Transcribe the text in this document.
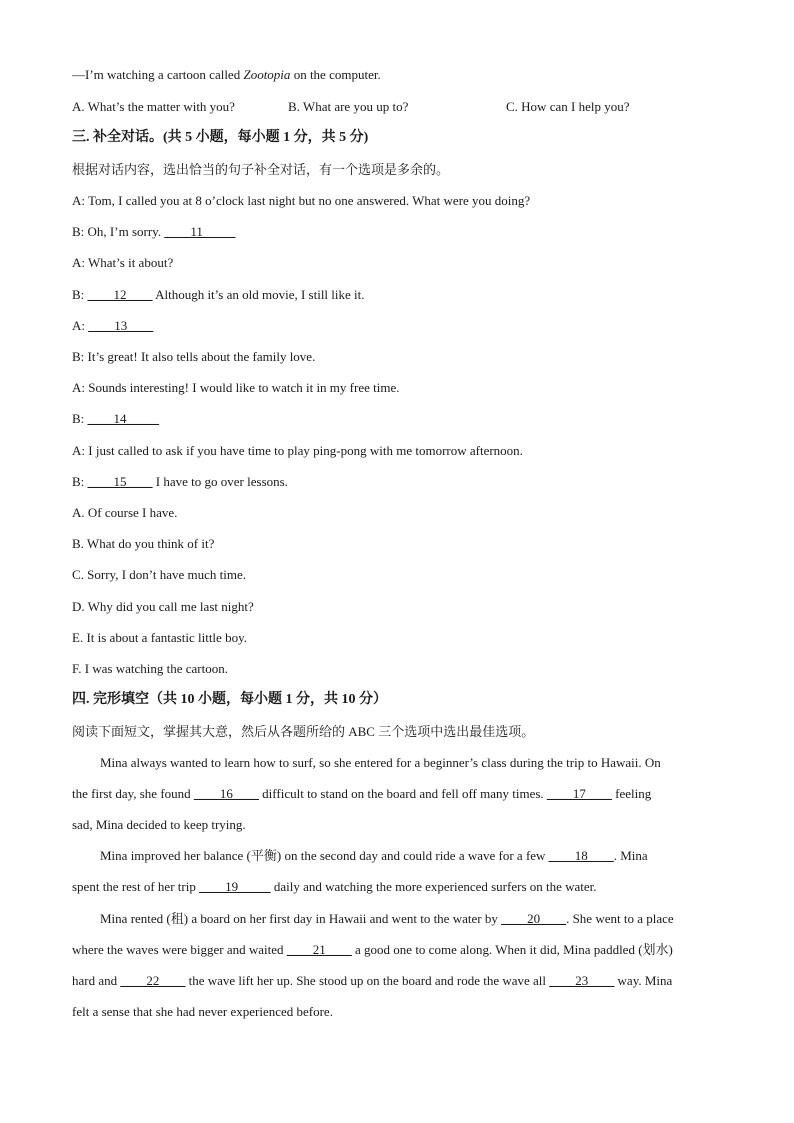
—I’m watching a cartoon called Zootopia on the computer.
A. What’s the matter with you?	B. What are you up to?	C. How can I help you?
三. 补全对话。(共 5 小题，每小题 1 分，共 5 分)
根据对话内容，选出恰当的句子补全对话，有一个选项是多余的。
A: Tom, I called you at 8 o’clock last night but no one answered. What were you doing?
B: Oh, I’m sorry. ____11_____
A: What’s it about?
B: ____12____ Although it’s an old movie, I still like it.
A: ____13____
B: It’s great! It also tells about the family love.
A: Sounds interesting! I would like to watch it in my free time.
B: ____14_____
A: I just called to ask if you have time to play ping-pong with me tomorrow afternoon.
B: ____15____ I have to go over lessons.
A. Of course I have.
B. What do you think of it?
C. Sorry, I don’t have much time.
D. Why did you call me last night?
E. It is about a fantastic little boy.
F. I was watching the cartoon.
四. 完形填空（共 10 小题，每小题 1 分，共 10 分）
阅读下面短文，掌握其大意，然后从各题所给的 ABC 三个选项中选出最佳选项。
Mina always wanted to learn how to surf, so she entered for a beginner’s class during the trip to Hawaii. On
the first day, she found ____16____ difficult to stand on the board and fell off many times. ____17____ feeling
sad, Mina decided to keep trying.
Mina improved her balance (平衡) on the second day and could ride a wave for a few ____18____. Mina
spent the rest of her trip ____19_____ daily and watching the more experienced surfers on the water.
Mina rented (租) a board on her first day in Hawaii and went to the water by ____20____. She went to a place
where the waves were bigger and waited ____21____ a good one to come along. When it did, Mina paddled (划水)
hard and ____22____ the wave lift her up. She stood up on the board and rode the wave all ____23____ way. Mina
felt a sense that she had never experienced before.
